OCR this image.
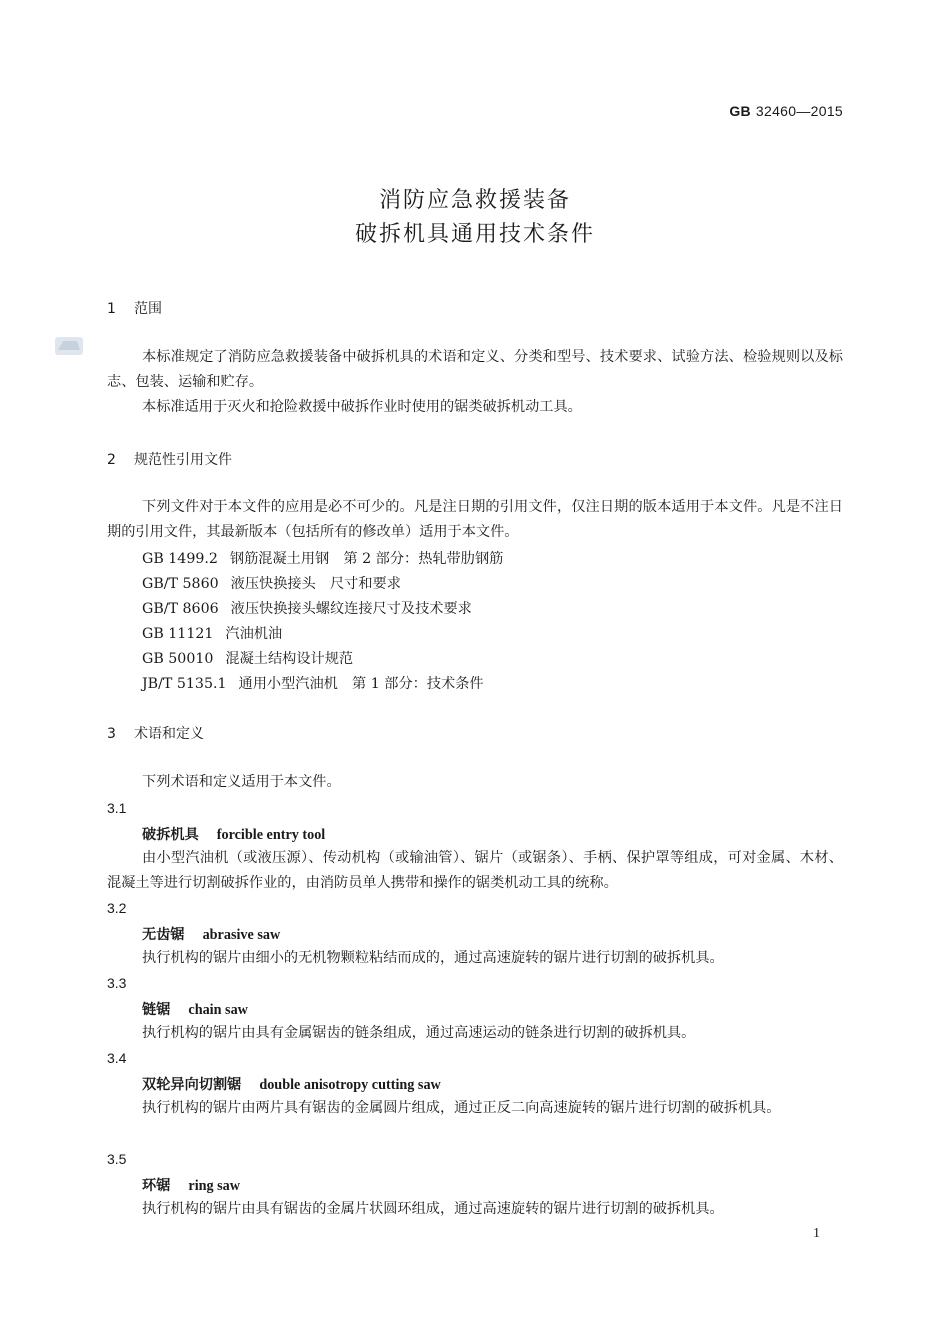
GB 32460—2015
消防应急救援装备
破拆机具通用技术条件
1 范围
本标准规定了消防应急救援装备中破拆机具的术语和定义、分类和型号、技术要求、试验方法、检验规则以及标志、包装、运输和贮存。
本标准适用于灭火和抢险救援中破拆作业时使用的锯类破拆机动工具。
2 规范性引用文件
下列文件对于本文件的应用是必不可少的。凡是注日期的引用文件，仅注日期的版本适用于本文件。凡是不注日期的引用文件，其最新版本（包括所有的修改单）适用于本文件。
GB 1499.2 钢筋混凝土用钢　第 2 部分：热轧带肋钢筋
GB/T 5860 液压快换接头　尺寸和要求
GB/T 8606 液压快换接头螺纹连接尺寸及技术要求
GB 11121 汽油机油
GB 50010 混凝土结构设计规范
JB/T 5135.1 通用小型汽油机　第 1 部分：技术条件
3 术语和定义
下列术语和定义适用于本文件。
3.1
破拆机具 forcible entry tool
由小型汽油机（或液压源）、传动机构（或输油管）、锯片（或锯条）、手柄、保护罩等组成，可对金属、木材、混凝土等进行切割破拆作业的，由消防员单人携带和操作的锯类机动工具的统称。
3.2
无齿锯 abrasive saw
执行机构的锯片由细小的无机物颗粒粘结而成的，通过高速旋转的锯片进行切割的破拆机具。
3.3
链锯 chain saw
执行机构的锯片由具有金属锯齿的链条组成，通过高速运动的链条进行切割的破拆机具。
3.4
双轮异向切割锯 double anisotropy cutting saw
执行机构的锯片由两片具有锯齿的金属圆片组成，通过正反二向高速旋转的锯片进行切割的破拆机具。
3.5
环锯 ring saw
执行机构的锯片由具有锯齿的金属片状圆环组成，通过高速旋转的锯片进行切割的破拆机具。
1
